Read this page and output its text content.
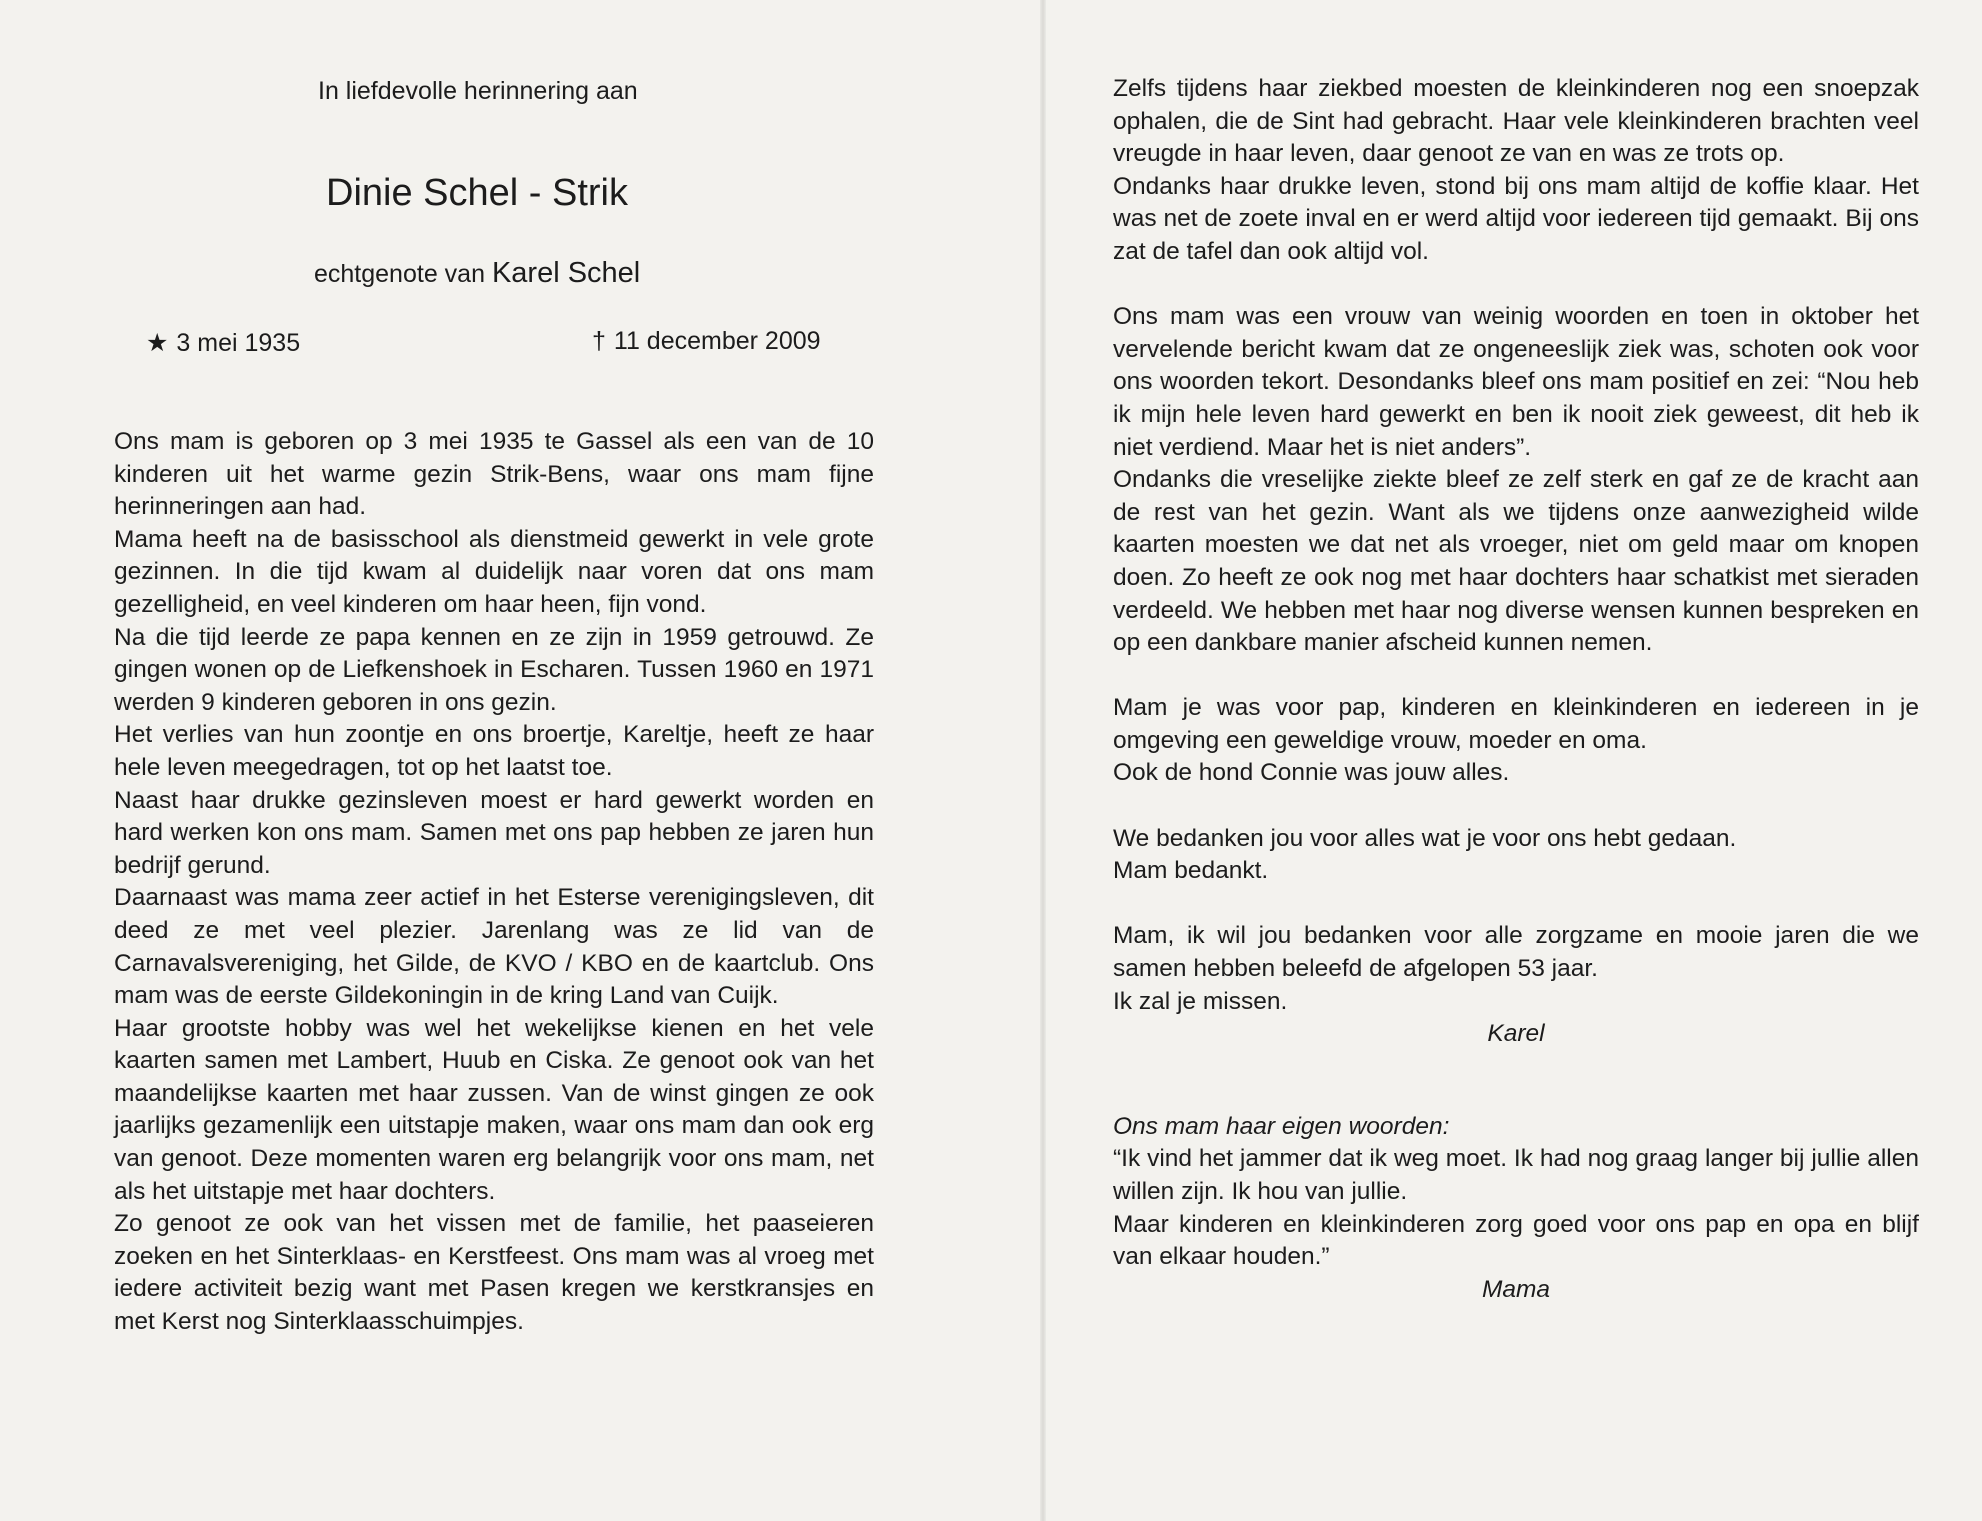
In liefdevolle herinnering aan
Dinie Schel - Strik
echtgenote van Karel Schel
★ 3 mei 1935	† 11 december 2009

Ons mam is geboren op 3 mei 1935 te Gassel als een van de 10 kinderen uit het warme gezin Strik-Bens, waar ons mam fijne herinneringen aan had.

Mama heeft na de basisschool als dienstmeid gewerkt in vele grote gezinnen. In die tijd kwam al duidelijk naar voren dat ons mam gezelligheid, en veel kinderen om haar heen, fijn vond.

Na die tijd leerde ze papa kennen en ze zijn in 1959 getrouwd. Ze gingen wonen op de Liefkenshoek in Escharen. Tussen 1960 en 1971 werden 9 kinderen geboren in ons gezin.

Het verlies van hun zoontje en ons broertje, Kareltje, heeft ze haar hele leven meegedragen, tot op het laatst toe.

Naast haar drukke gezinsleven moest er hard gewerkt worden en hard werken kon ons mam. Samen met ons pap hebben ze jaren hun bedrijf gerund.

Daarnaast was mama zeer actief in het Esterse verenigingsleven, dit deed ze met veel plezier. Jarenlang was ze lid van de Carnavalsvereniging, het Gilde, de KVO / KBO en de kaartclub. Ons mam was de eerste Gildekoningin in de kring Land van Cuijk.

Haar grootste hobby was wel het wekelijkse kienen en het vele kaarten samen met Lambert, Huub en Ciska. Ze genoot ook van het maandelijkse kaarten met haar zussen. Van de winst gingen ze ook jaarlijks gezamenlijk een uitstapje maken, waar ons mam dan ook erg van genoot. Deze momenten waren erg belangrijk voor ons mam, net als het uitstapje met haar dochters.

Zo genoot ze ook van het vissen met de familie, het paaseieren zoeken en het Sinterklaas- en Kerstfeest. Ons mam was al vroeg met iedere activiteit bezig want met Pasen kregen we kerstkransjes en met Kerst nog Sinterklaasschuimpjes.

Zelfs tijdens haar ziekbed moesten de kleinkinderen nog een snoepzak ophalen, die de Sint had gebracht. Haar vele kleinkinderen brachten veel vreugde in haar leven, daar genoot ze van en was ze trots op.

Ondanks haar drukke leven, stond bij ons mam altijd de koffie klaar. Het was net de zoete inval en er werd altijd voor iedereen tijd gemaakt. Bij ons zat de tafel dan ook altijd vol.

Ons mam was een vrouw van weinig woorden en toen in oktober het vervelende bericht kwam dat ze ongeneeslijk ziek was, schoten ook voor ons woorden tekort. Desondanks bleef ons mam positief en zei: “Nou heb ik mijn hele leven hard gewerkt en ben ik nooit ziek geweest, dit heb ik niet verdiend. Maar het is niet anders”.

Ondanks die vreselijke ziekte bleef ze zelf sterk en gaf ze de kracht aan de rest van het gezin. Want als we tijdens onze aanwezigheid wilde kaarten moesten we dat net als vroeger, niet om geld maar om knopen doen. Zo heeft ze ook nog met haar dochters haar schatkist met sieraden verdeeld. We hebben met haar nog diverse wensen kunnen bespreken en op een dankbare manier afscheid kunnen nemen.

Mam je was voor pap, kinderen en kleinkinderen en iedereen in je omgeving een geweldige vrouw, moeder en oma.

Ook de hond Connie was jouw alles.

We bedanken jou voor alles wat je voor ons hebt gedaan.

Mam bedankt.

Mam, ik wil jou bedanken voor alle zorgzame en mooie jaren die we samen hebben beleefd de afgelopen 53 jaar.

Ik zal je missen.

Karel

Ons mam haar eigen woorden:

“Ik vind het jammer dat ik weg moet. Ik had nog graag langer bij jullie allen willen zijn. Ik hou van jullie.

Maar kinderen en kleinkinderen zorg goed voor ons pap en opa en blijf van elkaar houden.”

Mama
